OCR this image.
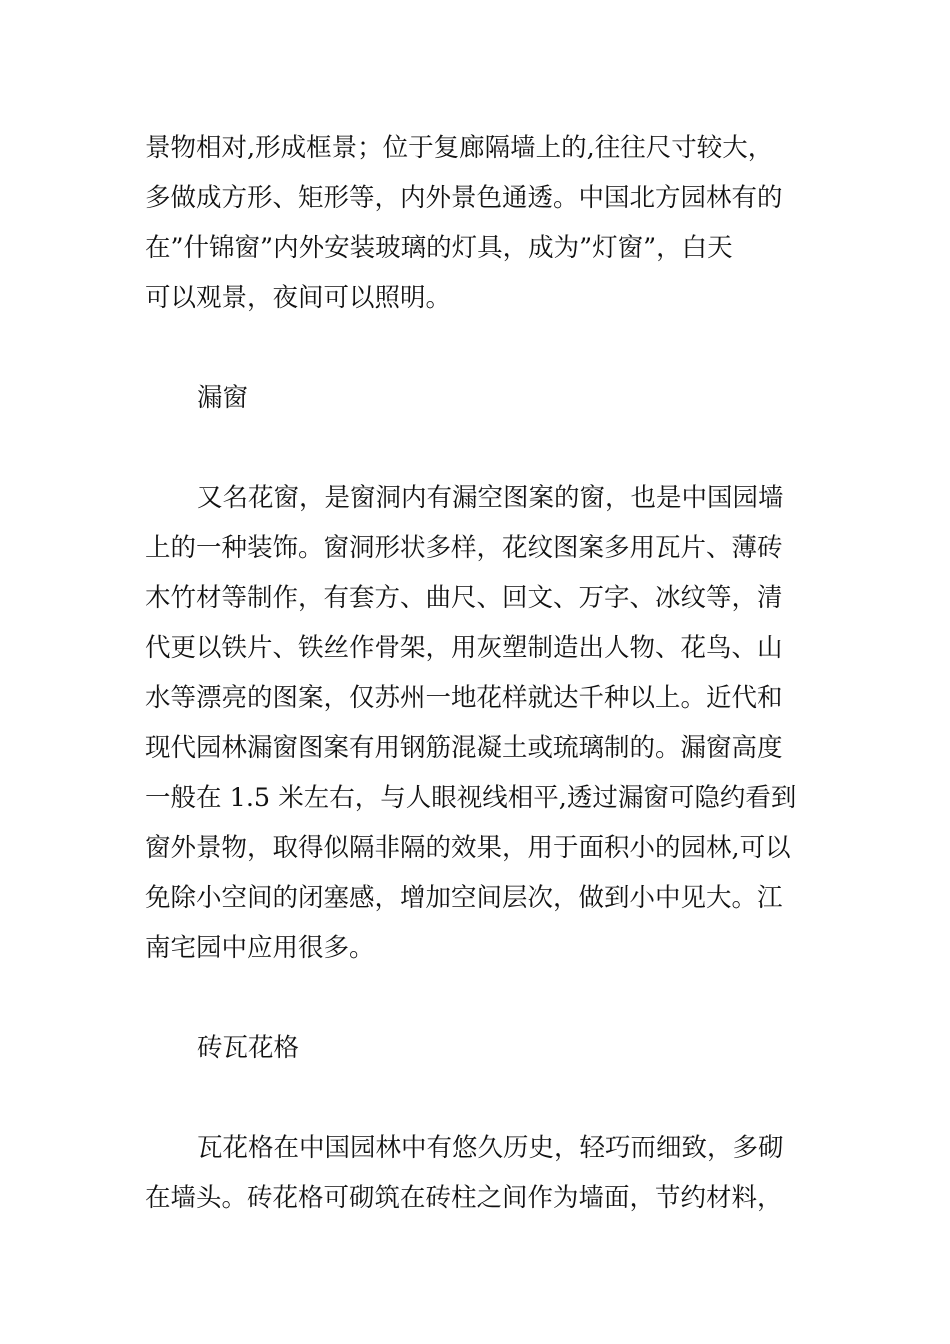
景物相对,形成框景；位于复廊隔墙上的,往往尺寸较大，
多做成方形、矩形等，内外景色通透。中国北方园林有的
在”什锦窗”内外安装玻璃的灯具，成为”灯窗”，白天
可以观景，夜间可以照明。
漏窗
又名花窗，是窗洞内有漏空图案的窗，也是中国园墙
上的一种装饰。窗洞形状多样，花纹图案多用瓦片、薄砖
木竹材等制作，有套方、曲尺、回文、万字、冰纹等，清
代更以铁片、铁丝作骨架，用灰塑制造出人物、花鸟、山
水等漂亮的图案，仅苏州一地花样就达千种以上。近代和
现代园林漏窗图案有用钢筋混凝土或琉璃制的。漏窗高度
一般在 1.5 米左右，与人眼视线相平,透过漏窗可隐约看到
窗外景物，取得似隔非隔的效果，用于面积小的园林,可以
免除小空间的闭塞感，增加空间层次，做到小中见大。江
南宅园中应用很多。
砖瓦花格
瓦花格在中国园林中有悠久历史，轻巧而细致，多砌
在墙头。砖花格可砌筑在砖柱之间作为墙面，节约材料，
